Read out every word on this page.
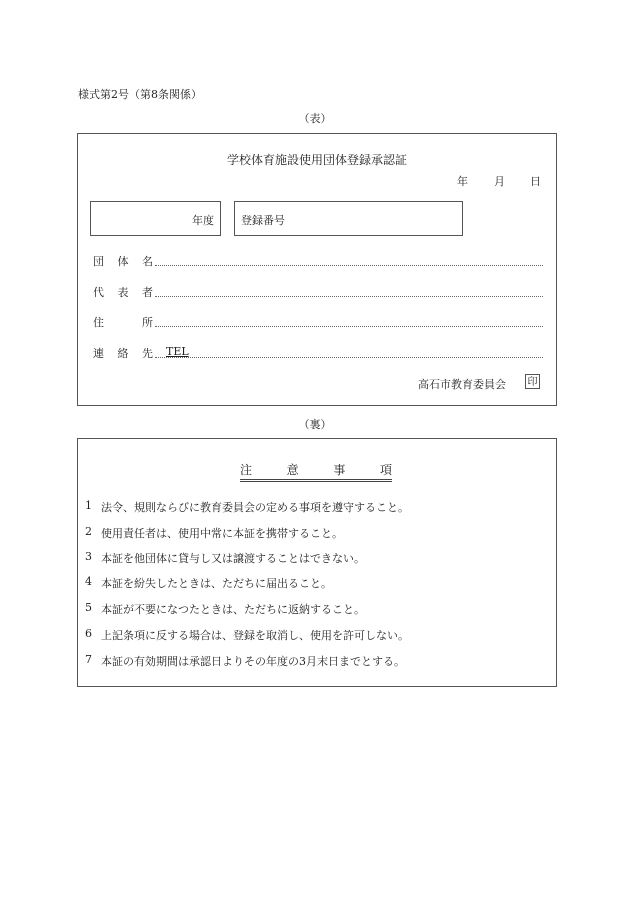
様式第2号（第8条関係）
（表）
学校体育施設使用団体登録承認証
年 月 日
年度 登録番号
団 体 名
代 表 者
住	所
連 絡 先 TEL
高石市教育委員会 印
（裏）
注	意	事	項
1 法令、規則ならびに教育委員会の定める事項を遵守すること。
2 使用責任者は、使用中常に本証を携帯すること。
3 本証を他団体に貸与し又は譲渡することはできない。
4 本証を紛失したときは、ただちに届出ること。
5 本証が不要になつたときは、ただちに返納すること。
6 上記条項に反する場合は、登録を取消し、使用を許可しない。
7 本証の有効期間は承認日よりその年度の3月末日までとする。
